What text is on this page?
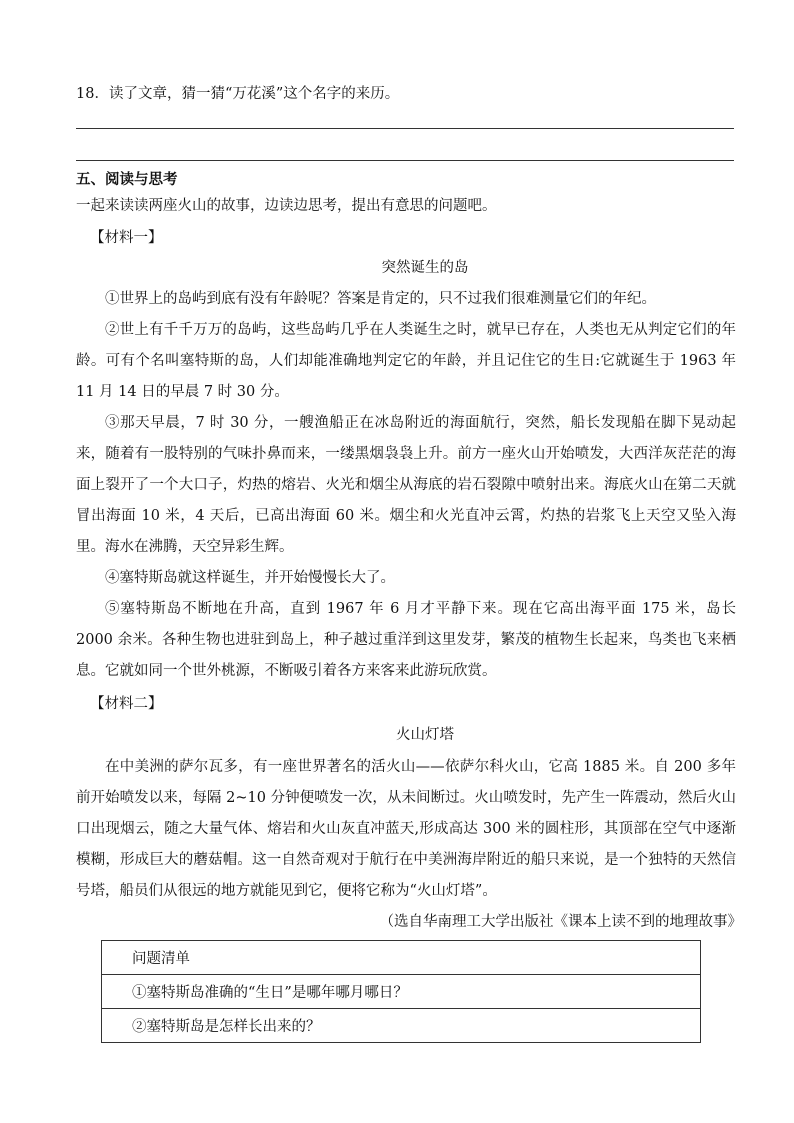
18．读了文章，猜一猜“万花溪”这个名字的来历。
五、阅读与思考
一起来读读两座火山的故事，边读边思考，提出有意思的问题吧。
【材料一】
突然诞生的岛
①世界上的岛屿到底有没有年龄呢？答案是肯定的，只不过我们很难测量它们的年纪。
②世上有千千万万的岛屿，这些岛屿几乎在人类诞生之时，就早已存在，人类也无从判定它们的年龄。可有个名叫塞特斯的岛，人们却能准确地判定它的年龄，并且记住它的生日:它就诞生于 1963 年 11 月 14 日的早晨 7 时 30 分。
③那天早晨，7 时 30 分，一艘渔船正在冰岛附近的海面航行，突然，船长发现船在脚下晃动起来，随着有一股特别的气味扑鼻而来，一缕黑烟袅袅上升。前方一座火山开始喷发，大西洋灰茫茫的海面上裂开了一个大口子，灼热的熔岩、火光和烟尘从海底的岩石裂隙中喷射出来。海底火山在第二天就冒出海面 10 米，4 天后，已高出海面 60 米。烟尘和火光直冲云霄，灼热的岩浆飞上天空又坠入海里。海水在沸腾，天空异彩生辉。
④塞特斯岛就这样诞生，并开始慢慢长大了。
⑤塞特斯岛不断地在升高，直到 1967 年 6 月才平静下来。现在它高出海平面 175 米，岛长 2000 余米。各种生物也进驻到岛上，种子越过重洋到这里发芽，繁茂的植物生长起来，鸟类也飞来栖息。它就如同一个世外桃源，不断吸引着各方来客来此游玩欣赏。
【材料二】
火山灯塔
在中美洲的萨尔瓦多，有一座世界著名的活火山——依萨尔科火山，它高 1885 米。自 200 多年前开始喷发以来，每隔 2~10 分钟便喷发一次，从未间断过。火山喷发时，先产生一阵震动，然后火山口出现烟云，随之大量气体、熔岩和火山灰直冲蓝天,形成高达 300 米的圆柱形，其顶部在空气中逐渐模糊，形成巨大的蘑菇帽。这一自然奇观对于航行在中美洲海岸附近的船只来说，是一个独特的天然信号塔，船员们从很远的地方就能见到它，便将它称为“火山灯塔”。
（选自华南理工大学出版社《课本上读不到的地理故事》
问题清单
①塞特斯岛准确的“生日”是哪年哪月哪日？
②塞特斯岛是怎样长出来的？
